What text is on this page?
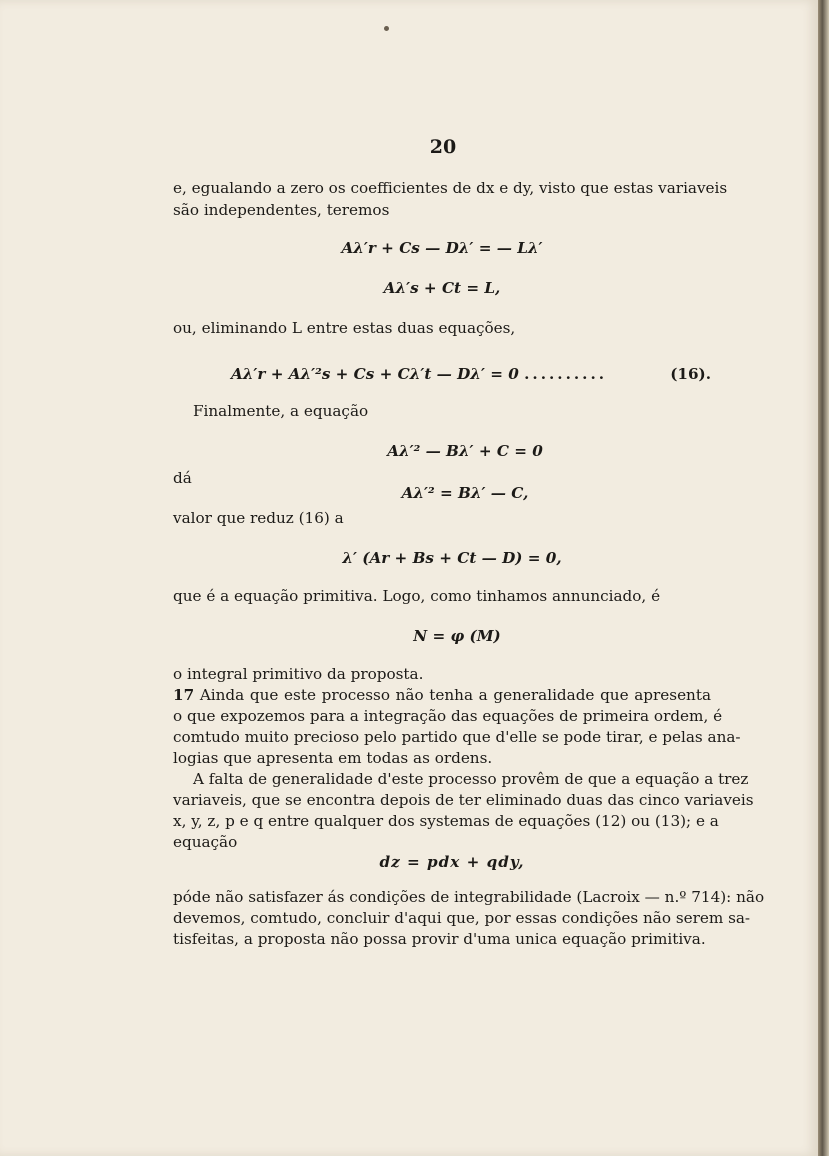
20
e, egualando a zero os coefficientes de dx e dy, visto que estas variaveis
são independentes, teremos
Aλ′r + Cs — Dλ′ = — Lλ′
Aλ′s + Ct = L,
ou, eliminando L entre estas duas equações,
Aλ′r + Aλ′²s + Cs + Cλ′t — Dλ′ = 0 ..........	(16).
Finalmente, a equação
Aλ′² — Bλ′ + C = 0
dá
Aλ′² = Bλ′ — C,
valor que reduz (16) a
λ′ (Ar + Bs + Ct — D) = 0,
que é a equação primitiva. Logo, como tinhamos annunciado, é
N = φ (M)
o integral primitivo da proposta.
17 Ainda que este processo não tenha a generalidade que apresenta
o que expozemos para a integração das equações de primeira ordem, é
comtudo muito precioso pelo partido que d'elle se pode tirar, e pelas ana-
logias que apresenta em todas as ordens.
A falta de generalidade d'este processo provêm de que a equação a trez
variaveis, que se encontra depois de ter eliminado duas das cinco variaveis
x, y, z, p e q entre qualquer dos systemas de equações (12) ou (13); e a
equação
dz = pdx + qdy,
póde não satisfazer ás condições de integrabilidade (Lacroix — n.º 714): não
devemos, comtudo, concluir d'aqui que, por essas condições não serem sa-
tisfeitas, a proposta não possa provir d'uma unica equação primitiva.
